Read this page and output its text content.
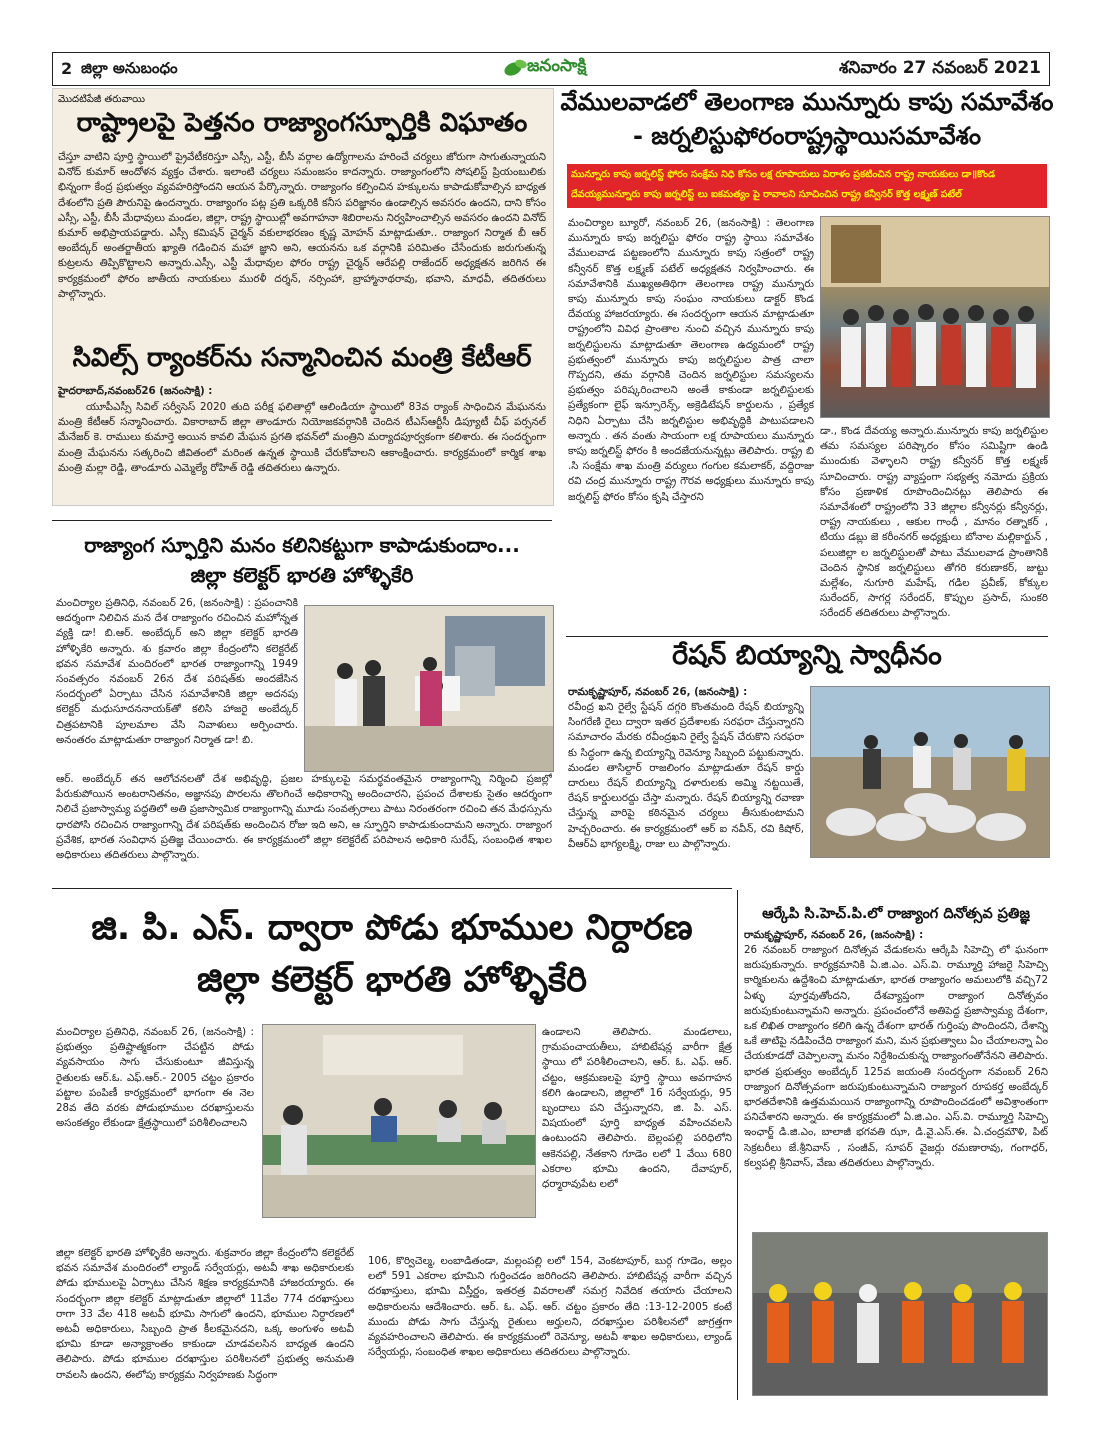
2 జిల్లా అనుబంధం	జనంసాక్షి	శనివారం 27 నవంబర్ 2021
మొదటిపేజీ తరువాయి
రాష్ట్రాలపై పెత్తనం రాజ్యాంగస్ఫూర్తికి విఘాతం
చేస్తూ వాటిని పూర్తి స్థాయిలో ప్రైవేటీకరిస్తూ ఎస్సీ, ఎస్టీ, బీసీ వర్గాల ఉద్యోగాలను హరించే చర్యలు జోరుగా సాగుతున్నాయని వినోద్ కుమార్ ఆందోళన వ్యక్తం చేశారు. ఇలాంటి చర్యలు సమంజసం కాదన్నారు. రాజ్యాంగంలోని సోషలిస్ట్ ప్రియంబులికు భిన్నంగా కేంద్ర ప్రభుత్వం వ్యవహరిస్తోందని ఆయన పేర్కొన్నారు. రాజ్యాంగం కల్పించిన హక్కులను కాపాడుకోవాల్సిన బాధ్యత దేశంలోని ప్రతి పౌరునిపై ఉందన్నారు. రాజ్యాంగం పట్ల ప్రతి ఒక్కరికి కనీస పరిజ్ఞానం ఉండాల్సిన అవసరం ఉందని, దాని కోసం ఎస్సీ, ఎస్టీ, బీసీ మేధావులు మండల, జిల్లా, రాష్ట్ర స్థాయిల్లో అవగాహనా శిబిరాలను నిర్వహించాల్సిన అవసరం ఉందని వినోద్ కుమార్ అభిప్రాయపడ్డారు. ఎస్సీ కమిషన్ చైర్మన్ వకులాభరణం కృష్ణ మోహన్ మాట్లాడుతూ.. రాజ్యాంగ నిర్మాత బీ ఆర్ అంబేద్కర్ అంతర్జాతీయ ఖ్యాతి గడించిన మహా జ్ఞాని అని, ఆయనను ఒక వర్గానికి పరిమితం చేసేందుకు జరుగుతున్న కుట్రలను తిప్పికొట్టాలని అన్నారు.ఎస్సీ, ఎస్టీ మేధావుల ఫోరం రాష్ట్ర చైర్మన్ ఆరేపల్లి రాజేందర్ అధ్యక్షతన జరిగిన ఈ కార్యక్రమంలో ఫోరం జాతీయ నాయకులు మురళీ దర్శన్, నర్సింహా, బ్రాహ్మానాథరావు, భవాని, మాధవీ, తదితరులు పాల్గొన్నారు.
సివిల్స్ ర్యాంకర్‌ను సన్మానించిన మంత్రి కేటీఆర్
హైదరాబాద్,నవంబర్26 (జనంసాక్షి) :
యూపీఎస్సీ సివిల్ సర్వీసెస్ 2020 తుది పరీక్ష ఫలితాల్లో ఆలిండియా స్థాయిలో 83వ ర్యాంక్ సాధించిన మేఘనను మంత్రి కేటీఆర్ సన్మానించారు. వికారాబాద్ జిల్లా తాండూరు నియోజకవర్గానికి చెందిన టీఎస్‌ఆర్టీసీ డిప్యూటీ చీఫ్ పర్సనల్ మేనేజర్ కె. రాములు కుమార్తె అయిన కావలి మేఘన ప్రగతి భవన్‌లో మంత్రిని మర్యాదపూర్వకంగా కలిశారు. ఈ సందర్భంగా మంత్రి మేఘనను సత్కరించి జీవితంలో మరింత ఉన్నత స్థాయికి చేరుకోవాలని ఆకాంక్షించారు. కార్యక్రమంలో కార్మిక శాఖ మంత్రి మల్లా రెడ్డి, తాండూరు ఎమ్మెల్యే రోహిత్ రెడ్డి తదితరులు ఉన్నారు.
వేములవాడలో తెలంగాణ మున్నూరు కాపు సమావేశం
- జర్నలిస్టుఫోరంరాష్ట్రస్థాయిసమావేశం
మున్నూరు కాపు జర్నలిస్ట్ ఫోరం సంక్షేమ నిధి కోసం లక్ష రూపాయలు విరాళం ప్రకటించిన రాష్ట్ర నాయకులు డా॥కొండ
దేవయ్యమున్నూరు కాపు జర్నలిస్ట్ లు ఐకమత్యం పై రావాలని సూచించిన రాష్ట్ర కన్వీనర్ కొత్త లక్ష్మణ్ పటేల్
మంచిర్యాల బ్యూరో, నవంబర్ 26, (జనంసాక్షి) : తెలంగాణ మున్నూరు కాపు జర్నలిస్టు ఫోరం రాష్ట్ర స్థాయి సమావేశం వేములవాడ పట్టణంలోని మున్నూరు కాపు సత్రంలో రాష్ట్ర కన్వీనర్ కొత్త లక్ష్మణ్ పటేల్ అధ్యక్షతన నిర్వహించారు. ఈ సమావేశానికి ముఖ్యఅతిథిగా తెలంగాణ రాష్ట్ర మున్నూరు కాపు మున్నూరు కాపు సంఘం నాయకులు డాక్టర్ కొండ దేవయ్య హాజరయ్యారు. ఈ సందర్భంగా ఆయన మాట్లాడుతూ రాష్ట్రంలోని వివిధ ప్రాంతాల నుంచి వచ్చిన మున్నూరు కాపు జర్నలిస్టులను మాట్లాడుతూ తెలంగాణ ఉద్యమంలో రాష్ట్ర ప్రభుత్వంలో మున్నూరు కాపు జర్నలిస్టుల పాత్ర చాలా గొప్పదని, తమ వర్గానికి చెందిన జర్నలిస్టుల సమస్యలను ప్రభుత్వం పరిష్కరించాలని అంతే కాకుండా జర్నలిస్టులకు ప్రత్యేకంగా లైఫ్ ఇన్సూరెన్స్, అక్రెడిటేషన్ కార్డులను , ప్రత్యేక నిధిని ఏర్పాటు చేసి జర్నలిస్టుల అభివృద్ధికి పాటుపడాలని అన్నారు . తన వంతు సాయంగా లక్ష రూపాయలు మున్నూరు కాపు జర్నలిస్ట్ ఫోరం కి అందజేయనున్నట్లు తెలిపారు. రాష్ట్ర బి .సి సంక్షేమ శాఖ మంత్రి వర్యులు గంగుల కమలాకర్, వద్దిరాజు రవి చంద్ర మున్నూరు రాష్ట్ర గౌరవ అధ్యక్షులు మున్నూరు కాపు జర్నలిస్ట్ ఫోరం కోసం కృషి చేస్తారని
డా., కొండ దేవయ్య అన్నారు.మున్నూరు కాపు జర్నలిస్టుల తమ సమస్యల పరిష్కారం కోసం సమిష్టిగా ఉండి ముందుకు వెళ్ళాలని రాష్ట్ర కన్వీనర్ కొత్త లక్ష్మణ్ సూచించారు. రాష్ట్ర వ్యాప్తంగా సభ్యత్వ నమోదు ప్రక్రియ కోసం ప్రణాళిక రూపొందించినట్లు తెలిపారు ఈ సమావేశంలో రాష్ట్రంలోని 33 జిల్లాల కన్వీనర్లు కన్వీనర్లు, రాష్ట్ర నాయకులు , ఆకుల గాంధీ , మానం రత్నాకర్ , టియు డబ్లు జె కరీంనగర్ అధ్యక్షులు బోనాల మల్లికార్జున్ , పలుజిల్లా ల జర్నలిస్టులతో పాటు వేములవాడ ప్రాంతానికి చెందిన స్థానిక జర్నలిస్టులు తోగరి కరుణాకర్, జుట్టు మల్లేశం, నుగూరి మహేష్, గడిల ప్రవీణ్, కోక్కుల సురేందర్, సాగర్ల సరేందర్, కొప్పుల ప్రసాద్, సుంకరి సరేందర్ తదితరులు పాల్గొన్నారు.
రాజ్యాంగ స్ఫూర్తిని మనం కలినికట్టుగా కాపాడుకుందాం...
జిల్లా కలెక్టర్ భారతి హోళ్ళికేరి
మంచిర్యాల ప్రతినిధి, నవంబర్ 26, (జనంసాక్షి) : ప్రపంచానికి ఆదర్శంగా నిలిచిన మన దేశ రాజ్యాంగం రచించిన మహోన్నత వ్యక్తి డా! బి.ఆర్. అంబేద్కర్ అని జిల్లా కలెక్టర్ భారతి హోళ్ళికేరి అన్నారు. శు క్రవారం జిల్లా కేంద్రంలోని కలెక్టరేట్ భవన సమావేశ మందిరంలో భారత రాజ్యాంగాన్ని 1949 సంవత్సరం నవంబర్ 26న దేశ పరిషత్‌కు అందజేసిన సందర్భంలో ఏర్పాటు చేసిన సమావేశానికి జిల్లా అదనపు కలెక్టర్ మధుసూదననాయక్‌తో కలిసి హాజరై అంబేద్కర్ చిత్రపటానికి పూలమాల వేసి నివాళులు అర్పించారు. అనంతరం మాట్లాడుతూ రాజ్యాంగ నిర్మాత డా! బి.
ఆర్. అంబేద్కర్ తన ఆలోచనలతో దేశ అభివృద్ధి, ప్రజల హక్కులపై సమర్థవంతమైన రాజ్యాంగాన్ని నిర్మించి ప్రజల్లో పేరుకుపోయిన అంటరానితనం, అజ్ఞానపు పొరలను తొలగించే అధికారాన్ని అందించారని, ప్రపంచ దేశాలకు సైతం ఆదర్శంగా నిలిచే ప్రజాస్వామ్య పద్ధతిలో అతి ప్రజాస్వామిక రాజ్యాంగాన్ని మూడు సంవత్సరాలు పాటు నిరంతరంగా రచించి తన మేధస్సును ధారపోసి రచించిన రాజ్యాంగాన్ని దేశ పరిషత్‌కు అందించిన రోజు ఇది అని, ఆ స్ఫూర్తిని కాపాడుకుందామని అన్నారు. రాజ్యాంగ ప్రవేశిక, భారత సంవిధాన ప్రతిజ్ఞ చేయించారు. ఈ కార్యక్రమంలో జిల్లా కలెక్టరేట్ పరిపాలన అధికారి సురేష్, సంబంధిత శాఖల అధికారులు తదితరులు పాల్గొన్నారు.
రేషన్ బియ్యాన్ని స్వాధీనం
రామకృష్ణాపూర్, నవంబర్ 26, (జనంసాక్షి) :
రవీంద్ర ఖని రైల్వే స్టేషన్ దగ్గరి కొంతమంది రేషన్ బియ్యాన్ని సింగరేణి రైలు ద్వారా ఇతర ప్రదేశాలకు సరఫరా చేస్తున్నారని సమాచారం మేరకు రవీంద్రఖని రైల్వే స్టేషన్ చేరుకొని సరఫరా కు సిద్ధంగా ఉన్న బియ్యాన్ని రెవెన్యూ సిబ్బంది పట్టుకున్నారు. మండల తాసిల్దార్ రాజలింగం మాట్లాడుతూ రేషన్ కార్డు దారులు రేషన్ బియ్యాన్ని దళారులకు అమ్మి నట్టయితే, రేషన్ కార్డులురద్దు చేస్తా మన్నారు. రేషన్ బియ్యాన్ని రవాణా చేస్తున్న వారిపై కఠినమైన చర్యలు తీసుకుంటామని హెచ్చరించారు. ఈ కార్యక్రమంలో ఆర్ ఐ నవీన్, రవి కిషోర్, వీఆర్ఏ భాగ్యలక్ష్మి, రాజు లు పాల్గొన్నారు.
జి. పి. ఎస్. ద్వారా పోడు భూముల నిర్దారణ
జిల్లా కలెక్టర్ భారతి హోళ్ళికేరి
మంచిర్యాల ప్రతినిధి, నవంబర్ 26, (జనంసాక్షి) : ప్రభుత్వం ప్రతిష్టాత్మకంగా చేపట్టిన పోడు వ్యవసాయం సాగు చేసుకుంటూ జీవిస్తున్న రైతులకు ఆర్.ఓ. ఎఫ్.ఆర్.- 2005 చట్టం ప్రకారం పట్టాల పంపిణీ కార్యక్రమంలో భాగంగా ఈ నెల 28వ తేది వరకు పోడుభూముల దరఖాస్తులను అసంకత్యం లేకుండా క్షేత్రస్థాయిలో పరిశీలించాలని
ఉండాలని తెలిపారు. మండలాలు, గ్రామపంచాయతీలు, హాబిటేషన్ల వారీగా క్షేత్ర స్థాయి లో పరిశీలించాలని, ఆర్. ఓ. ఎఫ్. ఆర్. చట్టం, ఆక్రమణలపై పూర్తి స్థాయి అవగాహన కలిగి ఉండాలని, జిల్లాలో 16 సర్వేయర్లు, 95 బృందాలు పని చేస్తున్నారని, జి. పి. ఎస్. విషయంలో పూర్తి బాధ్యత వహించవలసి ఉంటుందని తెలిపారు. బెల్లంపల్లి పరిధిలోని ఆకెనపల్లి, నేతకాని గూడెం లలో 1 వేయి 680 ఎకరాల భూమి ఉందని, దేవాపూర్, ధర్మారావుపేట లలో
జిల్లా కలెక్టర్ భారతి హోళ్ళికేరి అన్నారు. శుక్రవారం జిల్లా కేంద్రంలోని కలెక్టరేట్ భవన సమావేశ మందిరంలో ల్యాండ్ సర్వేయర్లు, అటవీ శాఖ అధికారులకు పోడు భూములపై ఏర్పాటు చేసిన శిక్షణ కార్యక్రమానికి హాజరయ్యారు. ఈ సందర్భంగా జిల్లా కలెక్టర్ మాట్లాడుతూ జిల్లాలో 11వేల 774 దరఖాస్తులు రాగా 33 వేల 418 అటవీ భూమి సాగులో ఉందని, భూముల నిర్ధారణలో అటవీ అధికారులు, సిబ్బంది ప్రాత కీలకమైనదని, ఒక్క అంగుళం అటవీ భూమి కూడా అన్యాక్రాంతం కాకుండా చూడవలసిన బాధ్యత ఉందని తెలిపారు. పోడు భూముల దరఖాస్తుల పరిశీలనలో ప్రభుత్వ అనుమతి రావలసి ఉందని, ఈలోపు కార్యక్రమ నిర్వహణకు సిద్ధంగా
106, కొర్విచెల్మ, లంబాడితండా, మల్లంపల్లి లలో 154, వెంకటాపూర్, బుర్గ గూడెం, అల్లం లలో 591 ఎకరాల భూమిని గుర్తించడం జరిగిందని తెలిపారు. హాబిటేషన్ల వారీగా వచ్చిన దరఖాస్తులు, భూమి విస్తీర్ణం, ఇతరత్ర వివరాలతో సమగ్ర నివేదిక తయారు చేయాలని అధికారులను ఆదేశించారు. ఆర్. ఓ. ఎఫ్. ఆర్. చట్టం ప్రకారం తేది :13-12-2005 కంటే ముందు పోడు సాగు చేస్తున్న రైతులు అర్హులని, దరఖాస్తుల పరిశీలనలో జాగ్రత్తగా వ్యవహరించాలని తెలిపారు. ఈ కార్యక్రమంలో రెవెన్యూ, అటవీ శాఖల అధికారులు, ల్యాండ్ సర్వేయర్లు, సంబంధిత శాఖల అధికారులు తదితరులు పాల్గొన్నారు.
ఆర్కేపి సి.హెచ్.పి.లో రాజ్యాంగ దినోత్సవ ప్రతిజ్ఞ
రామకృష్ణాపూర్, నవంబర్ 26, (జనంసాక్షి) :
26 నవంబర్ రాజ్యాంగ దినోత్సవ వేడుకలను ఆర్కేపి సిహెచ్పి లో ఘనంగా జరుపుకున్నారు. కార్యక్రమానికి ఏ.జి.ఎం. ఎస్.వి. రామ్మూర్తి హాజరై సిహెచ్పి కార్మికులను ఉద్దేశించి మాట్లాడుతూ, భారత రాజ్యాంగం అమలులోకి వచ్చి72 ఏళ్ళు పూర్తవుతోందని, దేశవ్యాప్తంగా రాజ్యాంగ దినోత్సవం జరుపుకుంటున్నామని అన్నారు. ప్రపంచంలోనే అతిపెద్ద ప్రజాస్వామ్య దేశంగా, ఒక లిఖిత రాజ్యాంగం కలిగి ఉన్న దేశంగా భారత్ గుర్తింపు పొందిందని, దేశాన్ని ఒకే తాటిపై నడిపించేది రాజ్యాంగ మని, మన ప్రభుత్వాలు ఏం చేయాలన్నా ఏం చేయకూడదో చెప్పాలన్నా మనం నిర్దేశించుకున్న రాజ్యాంగంతోనేనని తెలిపారు. భారత ప్రభుత్వం అంబేద్కర్ 125వ జయంతి సందర్భంగా నవంబర్ 26ని రాజ్యాంగ దినోత్సవంగా జరుపుకుంటున్నామని రాజ్యాంగ రూపకర్త అంబేద్కర్ భారతదేశానికి ఉత్తమమయిన రాజ్యాంగాన్ని రూపొందించడంలో అవిశ్రాంతంగా పనిచేశారని అన్నారు. ఈ కార్యక్రమంలో ఏ.జి.ఎం. ఎస్.వి. రామ్మూర్తి సిహెచ్పి ఇంఛార్జ్ డి.జి.ఎం, బాలాజీ భగవతి ఝా, డి.వై.ఎస్.ఈ. ఏ.చంద్రమౌళి, పిట్ సెక్రటరీలు జే.శ్రీనివాస్ , సంజీవ్, సూపర్ వైజర్లు రమణారావు, గంగాధర్, కల్వపల్లి శ్రీనివాస్, వేణు తదితరులు పాల్గొన్నారు.
